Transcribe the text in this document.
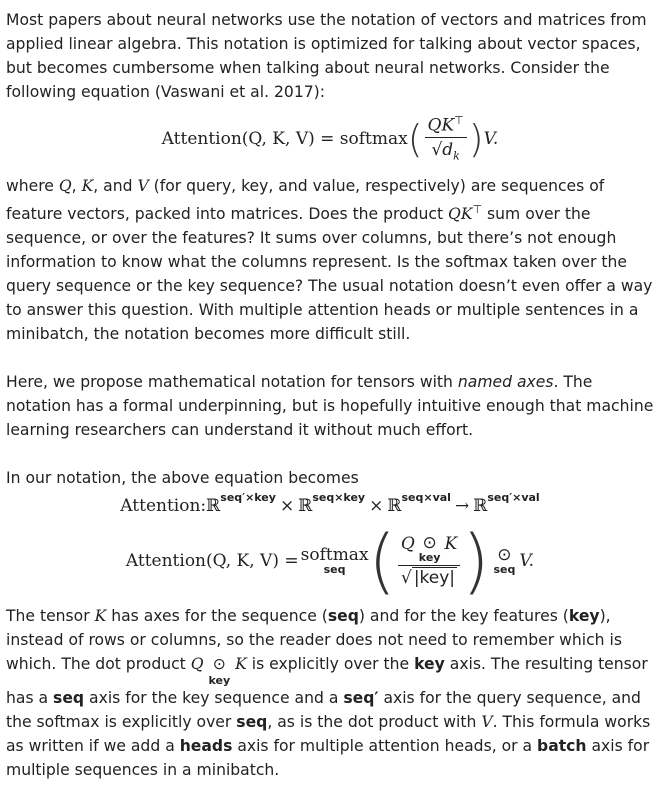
Most papers about neural networks use the notation of vectors and matrices from applied linear algebra. This notation is optimized for talking about vector spaces, but becomes cumbersome when talking about neural networks. Consider the following equation (Vaswani et al. 2017):

Attention(Q, K, V) = softmax ( $\frac{QK^⊤}{√d_k}$ ) V.

where Q, K, and V (for query, key, and value, respectively) are sequences of feature vectors, packed into matrices. Does the product QK⊤ sum over the sequence, or over the features? It sums over columns, but there’s not enough information to know what the columns represent. Is the softmax taken over the query sequence or the key sequence? The usual notation doesn’t even offer a way to answer this question. With multiple attention heads or multiple sentences in a minibatch, the notation becomes more difficult still.

Here, we propose mathematical notation for tensors with named axes. The notation has a formal underpinning, but is hopefully intuitive enough that machine learning researchers can understand it without much effort.

In our notation, the above equation becomes

Attention: ℝ$^{seq'\times key}$ × ℝ$^{seq\times key}$ × ℝ$^{seq\times val}$ → ℝ$^{seq'\times val}$
Attention(Q, K, V) = softmax
seq ( Q ⊙
key
K
√ |key| ) ⊙
seq V.

The tensor K has axes for the sequence (seq) and for the key features (key), instead of rows or columns, so the reader does not need to remember which is which. The dot product Q ⊙
key
K is explicitly over the key axis. The resulting tensor has a seq axis for the key sequence and a seq′ axis for the query sequence, and the softmax is explicitly over seq, as is the dot product with V. This formula works as written if we add a heads axis for multiple attention heads, or a batch axis for multiple sequences in a minibatch.
